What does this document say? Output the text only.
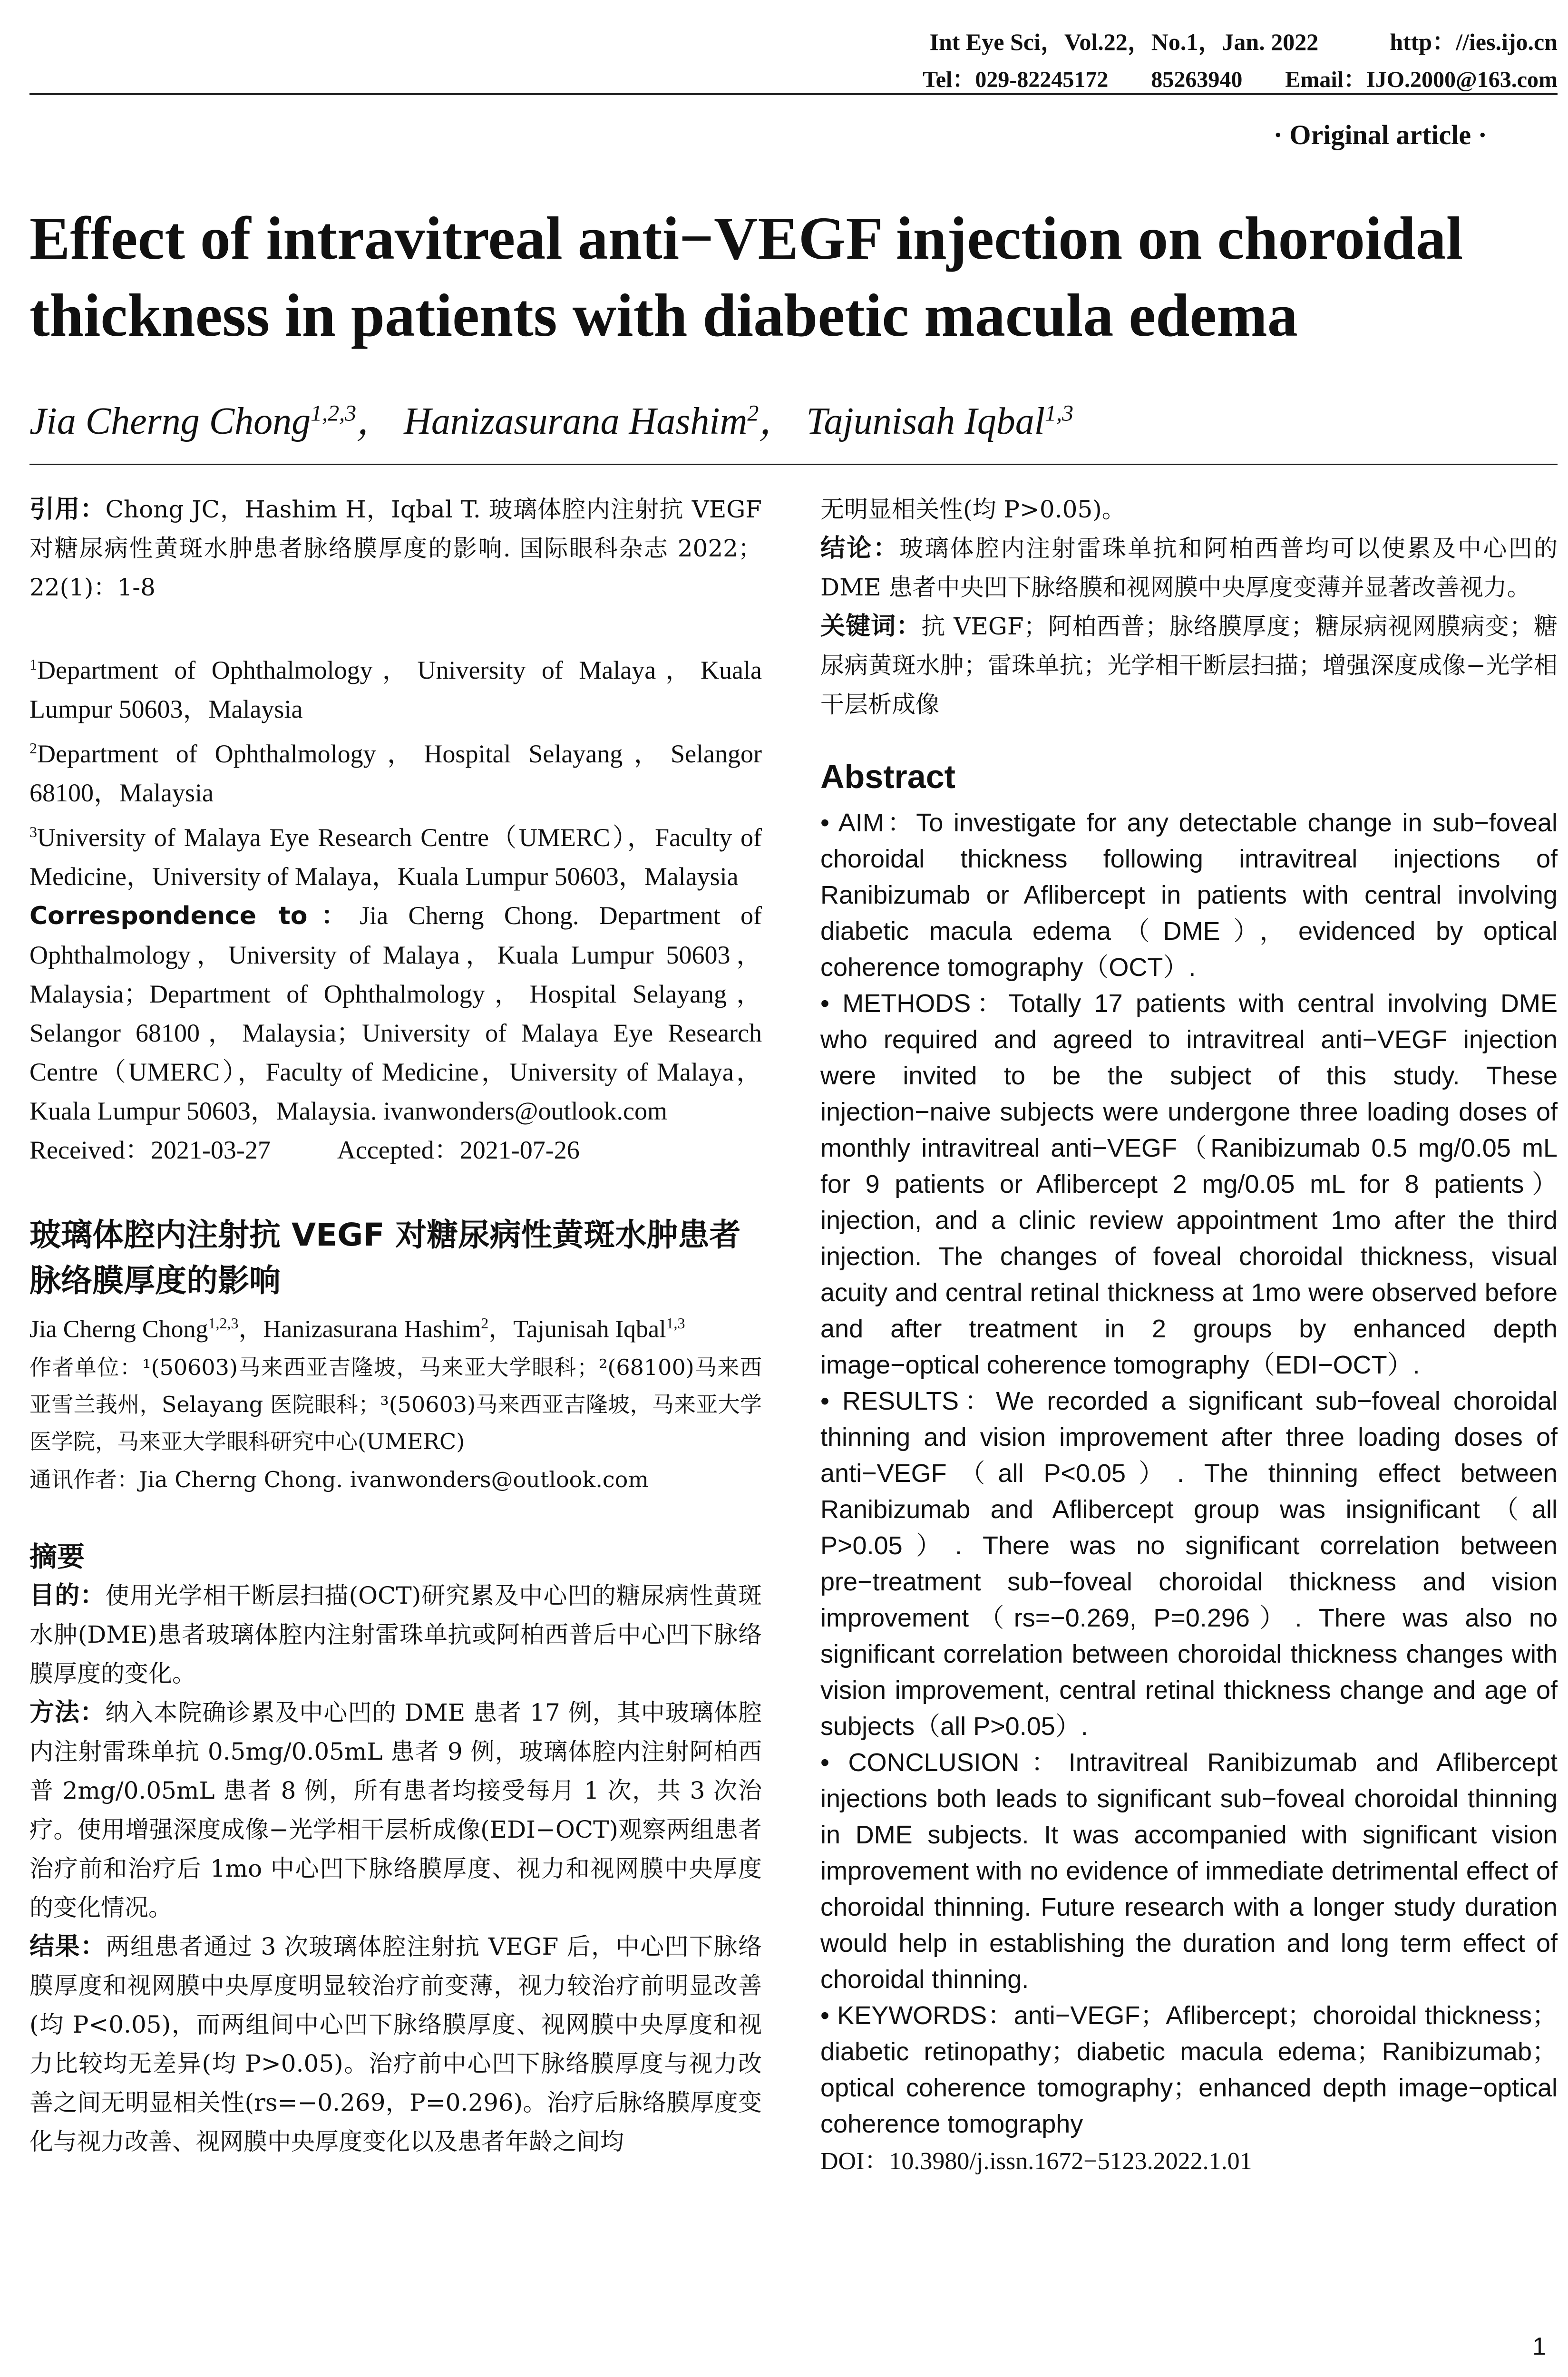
Int Eye Sci，Vol.22，No.1，Jan. 2022	http：//ies.ijo.cn
Tel：029-82245172 85263940 Email：IJO.2000@163.com
· Original article ·
Effect of intravitreal anti−VEGF injection on choroidal thickness in patients with diabetic macula edema
Jia Cherng Chong$^{1,2,3}$， Hanizasurana Hashim$^2$， Tajunisah Iqbal$^{1,3}$

引用：Chong JC，Hashim H，Iqbal T. 玻璃体腔内注射抗 VEGF 对糖尿病性黄斑水肿患者脉络膜厚度的影响. 国际眼科杂志 2022；22(1)：1-8

$^1$Department of Ophthalmology，University of Malaya，Kuala Lumpur 50603，Malaysia

$^2$Department of Ophthalmology，Hospital Selayang，Selangor 68100，Malaysia

$^3$University of Malaya Eye Research Centre（UMERC），Faculty of Medicine，University of Malaya，Kuala Lumpur 50603，Malaysia

Correspondence to：Jia Cherng Chong. Department of Ophthalmology，University of Malaya，Kuala Lumpur 50603，Malaysia；Department of Ophthalmology，Hospital Selayang，Selangor 68100，Malaysia；University of Malaya Eye Research Centre（UMERC），Faculty of Medicine，University of Malaya，Kuala Lumpur 50603，Malaysia. ivanwonders@outlook.com

Received：2021-03-27	Accepted：2021-07-26

玻璃体腔内注射抗 VEGF 对糖尿病性黄斑水肿患者脉络膜厚度的影响

Jia Cherng Chong$^{1,2,3}$，Hanizasurana Hashim$^2$，Tajunisah Iqbal$^{1,3}$

作者单位：¹(50603)马来西亚吉隆坡，马来亚大学眼科；²(68100)马来西亚雪兰莪州，Selayang 医院眼科；³(50603)马来西亚吉隆坡，马来亚大学医学院，马来亚大学眼科研究中心(UMERC)

通讯作者：Jia Cherng Chong. ivanwonders@outlook.com

摘要

目的：使用光学相干断层扫描(OCT)研究累及中心凹的糖尿病性黄斑水肿(DME)患者玻璃体腔内注射雷珠单抗或阿柏西普后中心凹下脉络膜厚度的变化。

方法：纳入本院确诊累及中心凹的 DME 患者 17 例，其中玻璃体腔内注射雷珠单抗 0.5mg/0.05mL 患者 9 例，玻璃体腔内注射阿柏西普 2mg/0.05mL 患者 8 例，所有患者均接受每月 1 次，共 3 次治疗。使用增强深度成像−光学相干层析成像(EDI−OCT)观察两组患者治疗前和治疗后 1mo 中心凹下脉络膜厚度、视力和视网膜中央厚度的变化情况。

结果：两组患者通过 3 次玻璃体腔注射抗 VEGF 后，中心凹下脉络膜厚度和视网膜中央厚度明显较治疗前变薄，视力较治疗前明显改善(均 P<0.05)，而两组间中心凹下脉络膜厚度、视网膜中央厚度和视力比较均无差异(均 P>0.05)。治疗前中心凹下脉络膜厚度与视力改善之间无明显相关性(rs=−0.269，P=0.296)。治疗后脉络膜厚度变化与视力改善、视网膜中央厚度变化以及患者年龄之间均

无明显相关性(均 P>0.05)。

结论：玻璃体腔内注射雷珠单抗和阿柏西普均可以使累及中心凹的 DME 患者中央凹下脉络膜和视网膜中央厚度变薄并显著改善视力。

关键词：抗 VEGF；阿柏西普；脉络膜厚度；糖尿病视网膜病变；糖尿病黄斑水肿；雷珠单抗；光学相干断层扫描；增强深度成像−光学相干层析成像

Abstract

• AIM：To investigate for any detectable change in sub−foveal choroidal thickness following intravitreal injections of Ranibizumab or Aflibercept in patients with central involving diabetic macula edema（DME），evidenced by optical coherence tomography（OCT）.

• METHODS：Totally 17 patients with central involving DME who required and agreed to intravitreal anti−VEGF injection were invited to be the subject of this study. These injection−naive subjects were undergone three loading doses of monthly intravitreal anti−VEGF（Ranibizumab 0.5 mg/0.05 mL for 9 patients or Aflibercept 2 mg/0.05 mL for 8 patients）injection, and a clinic review appointment 1mo after the third injection. The changes of foveal choroidal thickness, visual acuity and central retinal thickness at 1mo were observed before and after treatment in 2 groups by enhanced depth image−optical coherence tomography（EDI−OCT）.

• RESULTS：We recorded a significant sub−foveal choroidal thinning and vision improvement after three loading doses of anti−VEGF（all P<0.05）. The thinning effect between Ranibizumab and Aflibercept group was insignificant（all P>0.05）. There was no significant correlation between pre−treatment sub−foveal choroidal thickness and vision improvement（rs=−0.269, P=0.296）. There was also no significant correlation between choroidal thickness changes with vision improvement, central retinal thickness change and age of subjects（all P>0.05）.

• CONCLUSION：Intravitreal Ranibizumab and Aflibercept injections both leads to significant sub−foveal choroidal thinning in DME subjects. It was accompanied with significant vision improvement with no evidence of immediate detrimental effect of choroidal thinning. Future research with a longer study duration would help in establishing the duration and long term effect of choroidal thinning.

• KEYWORDS：anti−VEGF；Aflibercept；choroidal thickness；diabetic retinopathy；diabetic macula edema；Ranibizumab；optical coherence tomography；enhanced depth image−optical coherence tomography

DOI：10.3980/j.issn.1672−5123.2022.1.01

1
